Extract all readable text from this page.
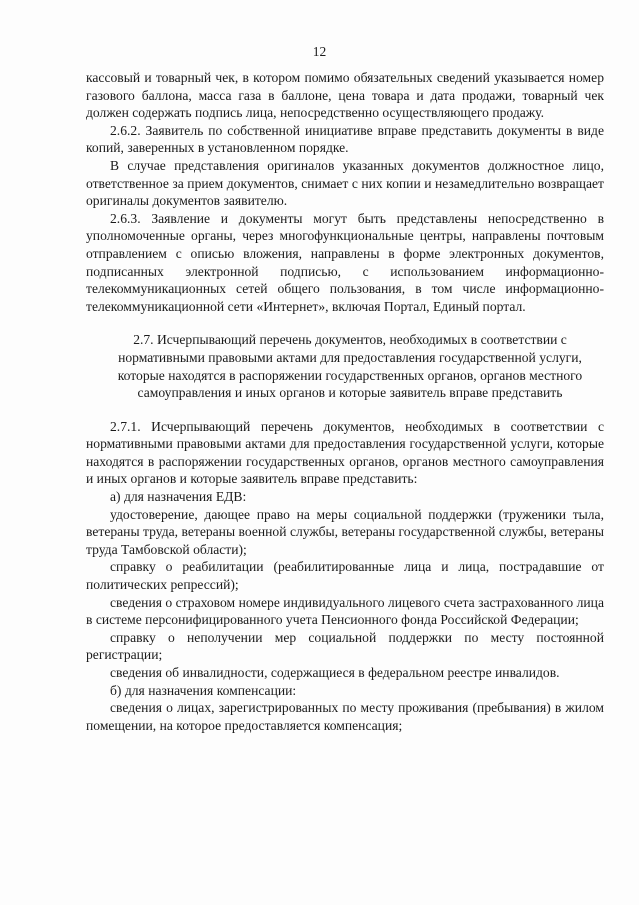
12

кассовый и товарный чек, в котором помимо обязательных сведений указывается номер газового баллона, масса газа в баллоне, цена товара и дата продажи, товарный чек должен содержать подпись лица, непосредственно осуществляющего продажу.

2.6.2. Заявитель по собственной инициативе вправе представить документы в виде копий, заверенных в установленном порядке.

В случае представления оригиналов указанных документов должностное лицо, ответственное за прием документов, снимает с них копии и незамедлительно возвращает оригиналы документов заявителю.

2.6.3. Заявление и документы могут быть представлены непосредственно в уполномоченные органы, через многофункциональные центры, направлены почтовым отправлением с описью вложения, направлены в форме электронных документов, подписанных электронной подписью, с использованием информационно-телекоммуникационных сетей общего пользования, в том числе информационно-телекоммуникационной сети «Интернет», включая Портал, Единый портал.

2.7. Исчерпывающий перечень документов, необходимых в соответствии с нормативными правовыми актами для предоставления государственной услуги, которые находятся в распоряжении государственных органов, органов местного самоуправления и иных органов и которые заявитель вправе представить

2.7.1. Исчерпывающий перечень документов, необходимых в соответствии с нормативными правовыми актами для предоставления государственной услуги, которые находятся в распоряжении государственных органов, органов местного самоуправления и иных органов и которые заявитель вправе представить:

а) для назначения ЕДВ:

удостоверение, дающее право на меры социальной поддержки (труженики тыла, ветераны труда, ветераны военной службы, ветераны государственной службы, ветераны труда Тамбовской области);

справку о реабилитации (реабилитированные лица и лица, пострадавшие от политических репрессий);

сведения о страховом номере индивидуального лицевого счета застрахованного лица в системе персонифицированного учета Пенсионного фонда Российской Федерации;

справку о неполучении мер социальной поддержки по месту постоянной регистрации;

сведения об инвалидности, содержащиеся в федеральном реестре инвалидов.

б) для назначения компенсации:

сведения о лицах, зарегистрированных по месту проживания (пребывания) в жилом помещении, на которое предоставляется компенсация;
